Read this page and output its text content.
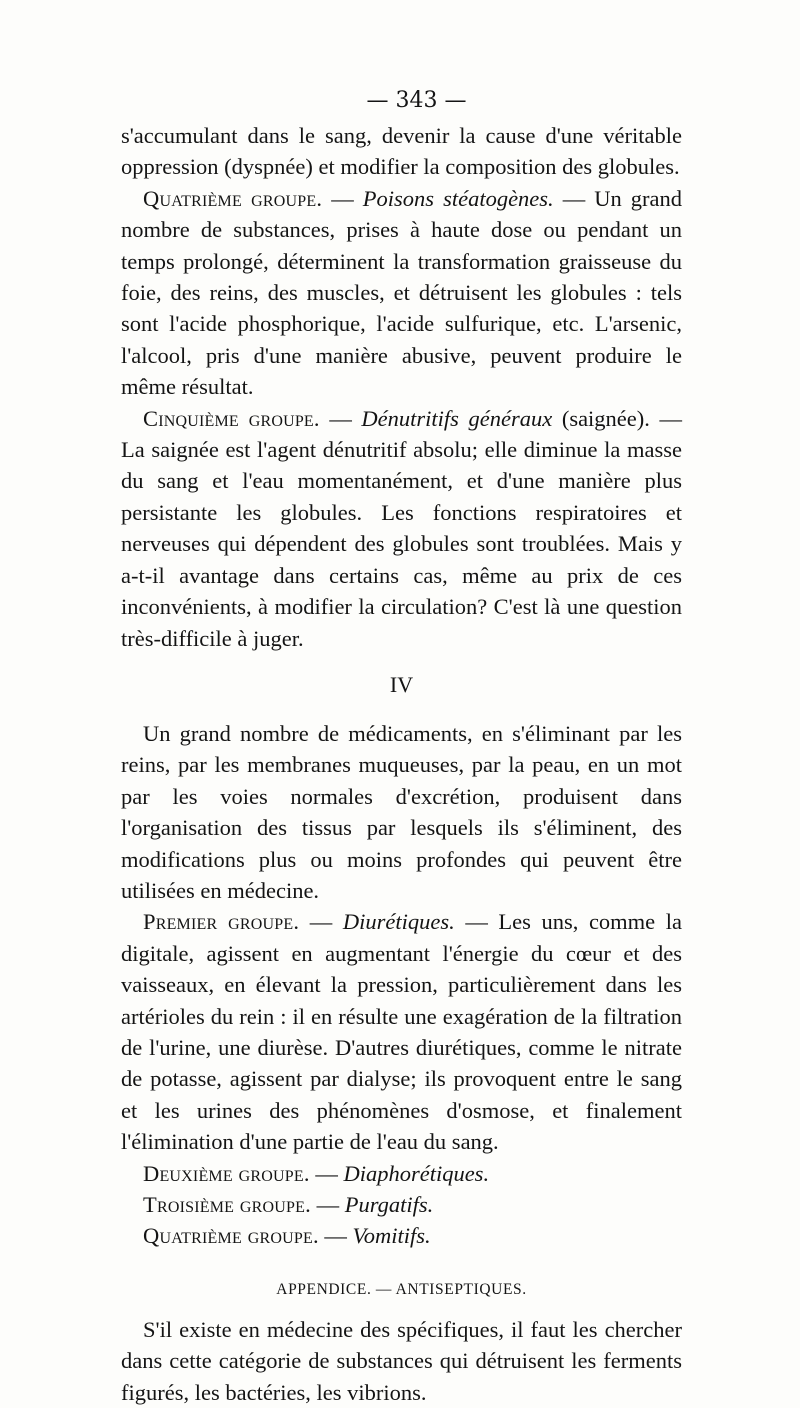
— 343 —

s'accumulant dans le sang, devenir la cause d'une véritable oppression (dyspnée) et modifier la composition des globules.

Quatrième groupe. — Poisons stéatogènes. — Un grand nombre de substances, prises à haute dose ou pendant un temps prolongé, déterminent la transformation graisseuse du foie, des reins, des muscles, et détruisent les globules : tels sont l'acide phosphorique, l'acide sulfurique, etc. L'arsenic, l'alcool, pris d'une manière abusive, peuvent produire le même résultat.

Cinquième groupe. — Dénutritifs généraux (saignée). — La saignée est l'agent dénutritif absolu; elle diminue la masse du sang et l'eau momentanément, et d'une manière plus persistante les globules. Les fonctions respiratoires et nerveuses qui dépendent des globules sont troublées. Mais y a-t-il avantage dans certains cas, même au prix de ces inconvénients, à modifier la circulation? C'est là une question très-difficile à juger.

IV

Un grand nombre de médicaments, en s'éliminant par les reins, par les membranes muqueuses, par la peau, en un mot par les voies normales d'excrétion, produisent dans l'organisation des tissus par lesquels ils s'éliminent, des modifications plus ou moins profondes qui peuvent être utilisées en médecine.

Premier groupe. — Diurétiques. — Les uns, comme la digitale, agissent en augmentant l'énergie du cœur et des vaisseaux, en élevant la pression, particulièrement dans les artérioles du rein : il en résulte une exagération de la filtration de l'urine, une diurèse. D'autres diurétiques, comme le nitrate de potasse, agissent par dialyse; ils provoquent entre le sang et les urines des phénomènes d'osmose, et finalement l'élimination d'une partie de l'eau du sang.

Deuxième groupe. — Diaphorétiques.

Troisième groupe. — Purgatifs.

Quatrième groupe. — Vomitifs.

APPENDICE. — ANTISEPTIQUES.

S'il existe en médecine des spécifiques, il faut les chercher dans cette catégorie de substances qui détruisent les ferments figurés, les bactéries, les vibrions.
